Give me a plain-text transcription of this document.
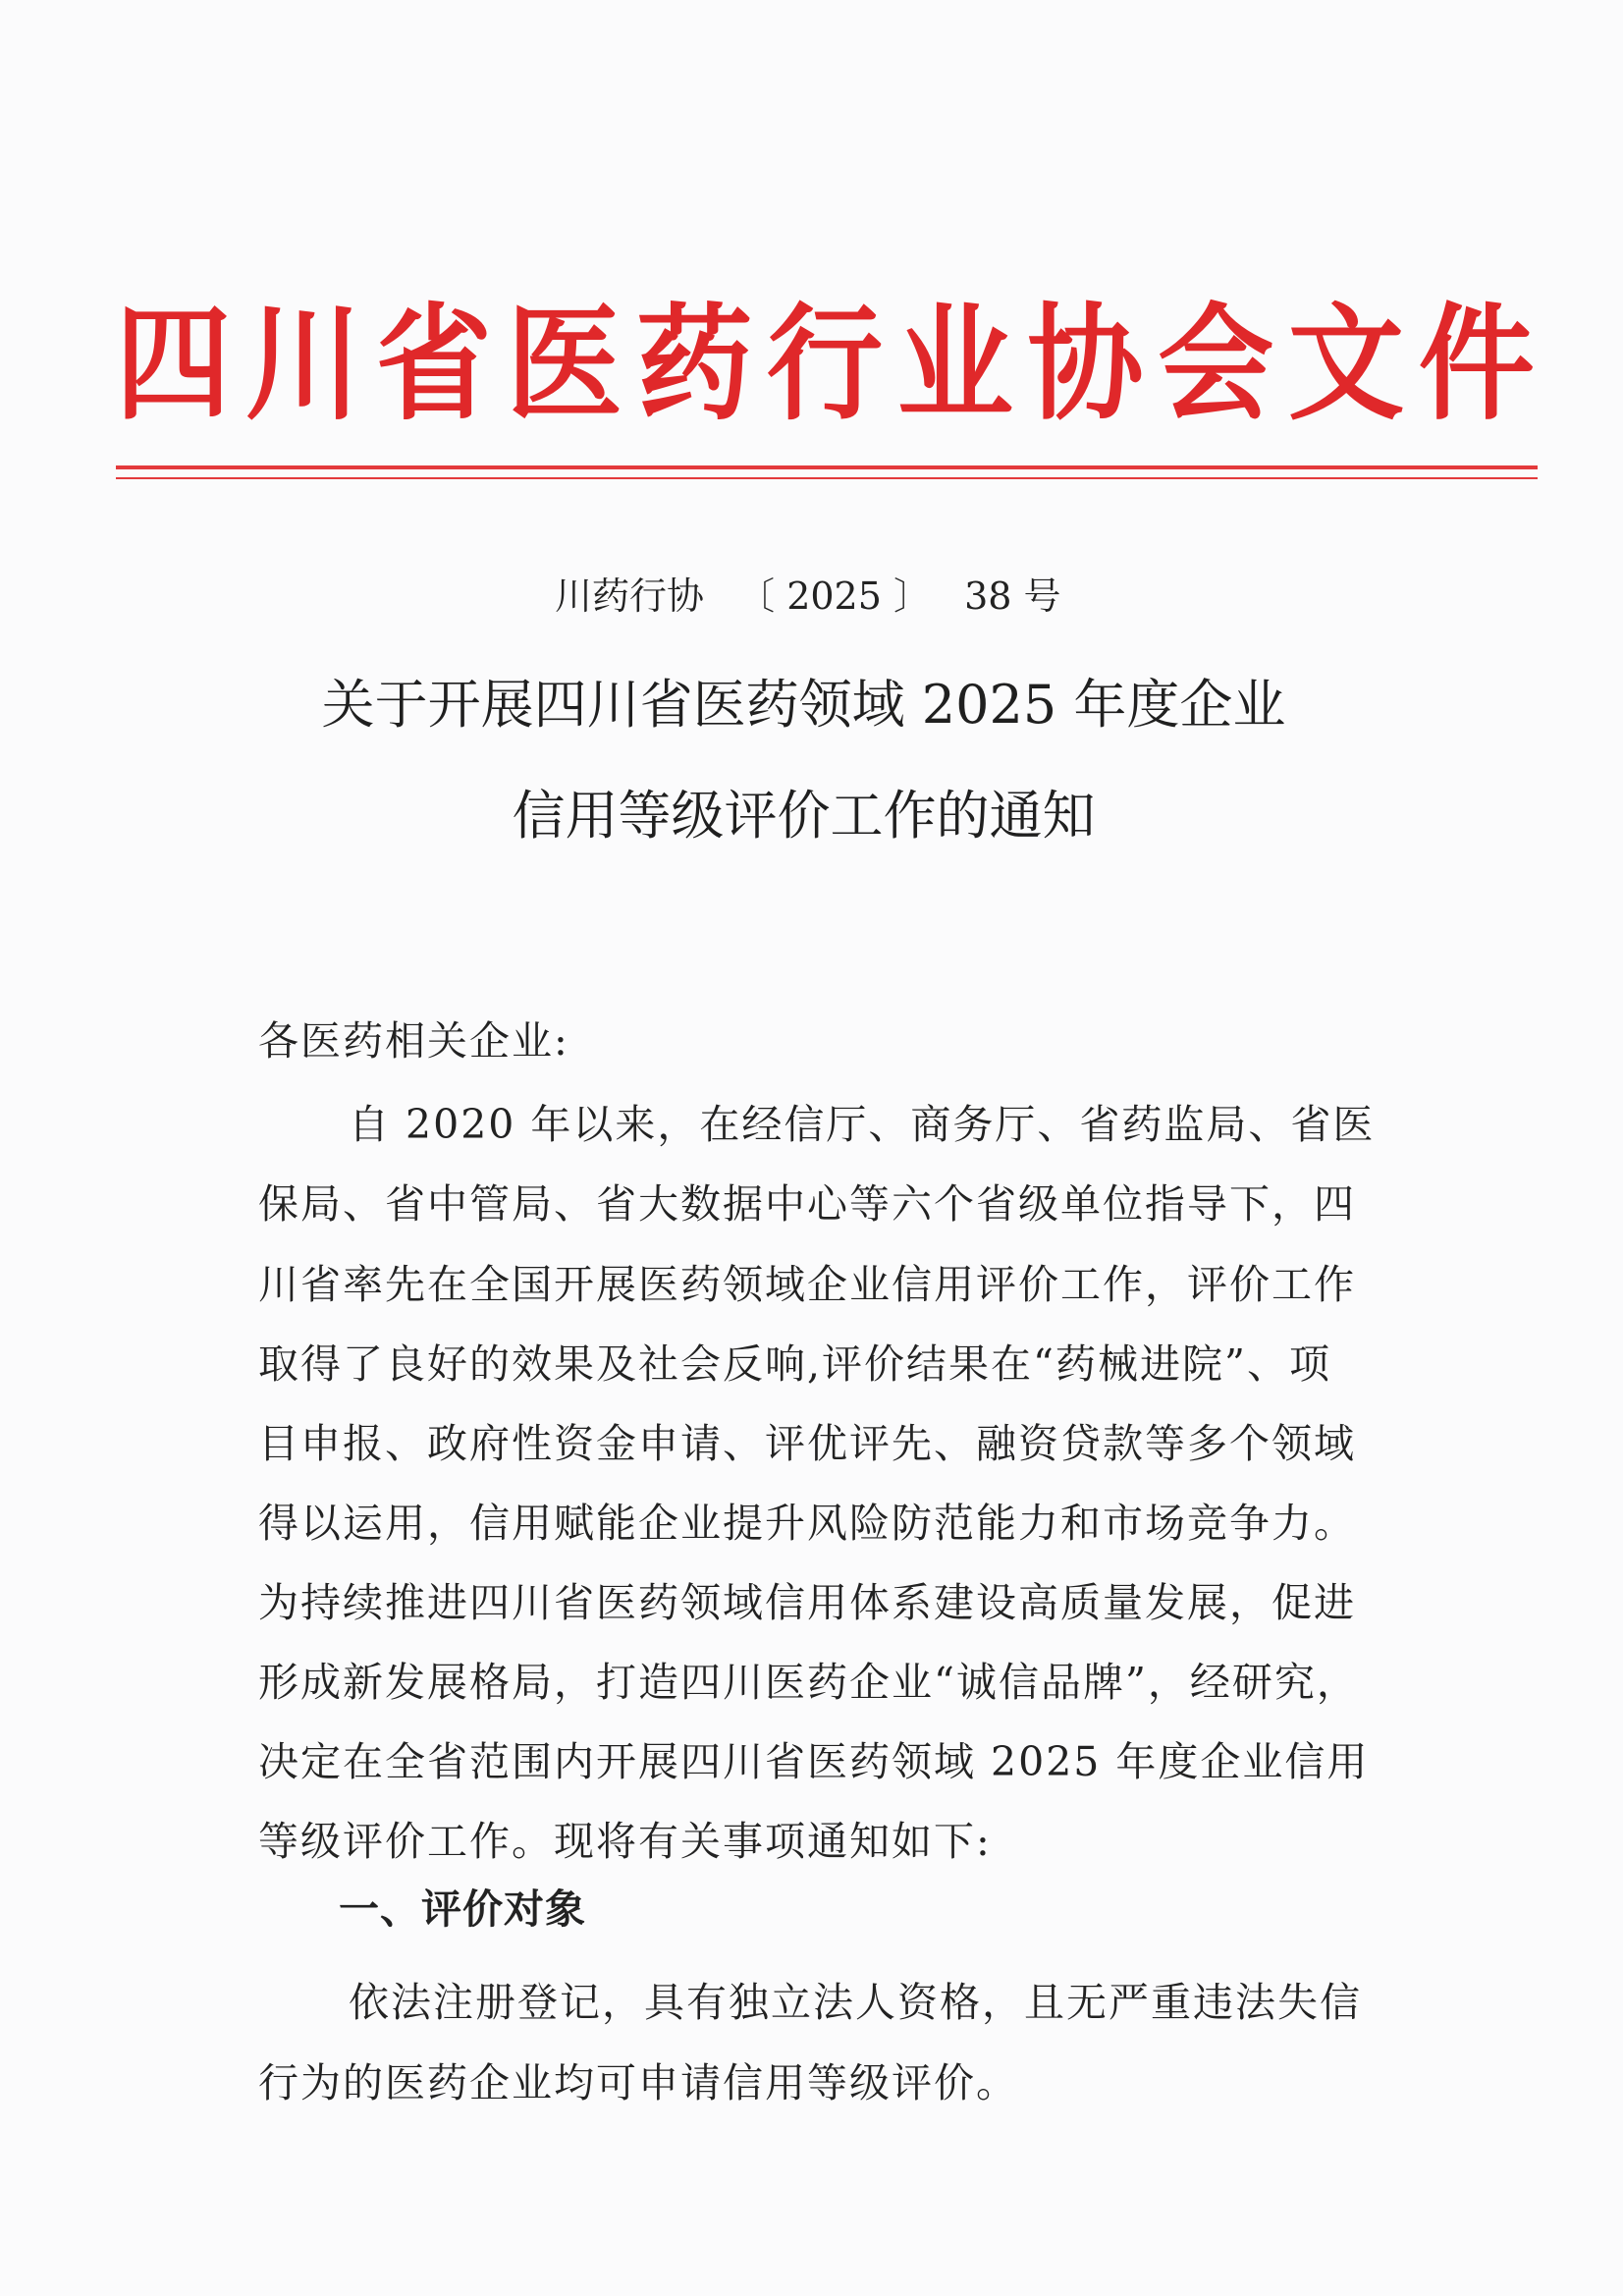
四 川 省 医 药 行 业 协 会 文 件
川药行协 〔 2025 〕 38 号
关于开展四川省医药领域 2025 年度企业
信用等级评价工作的通知
各医药相关企业:
自 2020 年以来，在经信厅、商务厅、省药监局、省医
保局、省中管局、省大数据中心等六个省级单位指导下，四
川省率先在全国开展医药领域企业信用评价工作，评价工作
取得了良好的效果及社会反响,评价结果在“药械进院”、项
目申报、政府性资金申请、评优评先、融资贷款等多个领域
得以运用，信用赋能企业提升风险防范能力和市场竞争力。
为持续推进四川省医药领域信用体系建设高质量发展，促进
形成新发展格局，打造四川医药企业“诚信品牌”，经研究，
决定在全省范围内开展四川省医药领域 2025 年度企业信用
等级评价工作。现将有关事项通知如下:
一、评价对象
依法注册登记，具有独立法人资格，且无严重违法失信
行为的医药企业均可申请信用等级评价。
